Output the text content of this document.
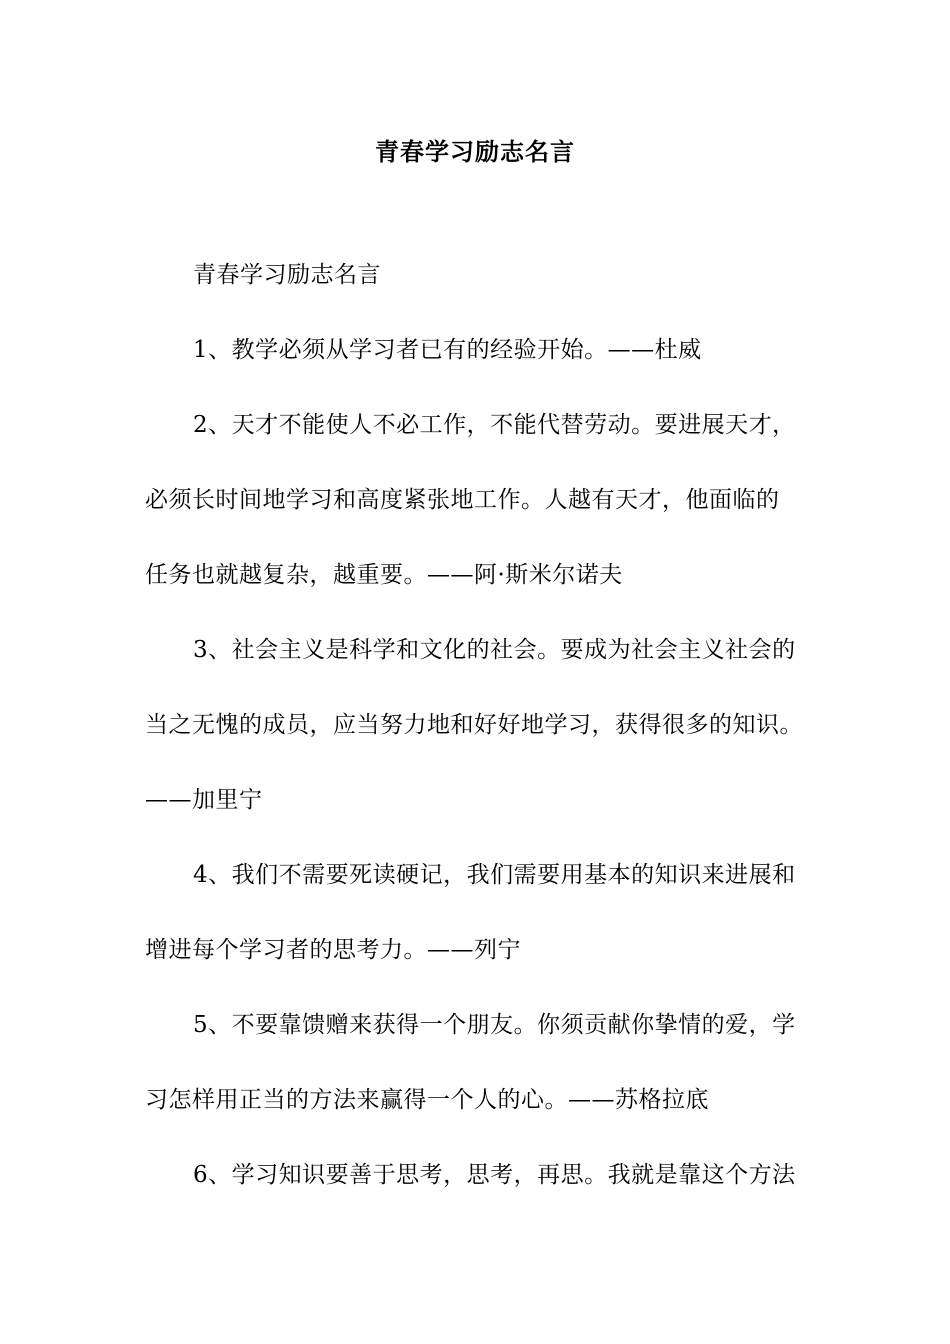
青春学习励志名言
青春学习励志名言
1、教学必须从学习者已有的经验开始。——杜威
2、天才不能使人不必工作，不能代替劳动。要进展天才，
必须长时间地学习和高度紧张地工作。人越有天才，他面临的
任务也就越复杂，越重要。——阿·斯米尔诺夫
3、社会主义是科学和文化的社会。要成为社会主义社会的
当之无愧的成员，应当努力地和好好地学习，获得很多的知识。
——加里宁
4、我们不需要死读硬记，我们需要用基本的知识来进展和
增进每个学习者的思考力。——列宁
5、不要靠馈赠来获得一个朋友。你须贡献你挚情的爱，学
习怎样用正当的方法来赢得一个人的心。——苏格拉底
6、学习知识要善于思考，思考，再思。我就是靠这个方法
